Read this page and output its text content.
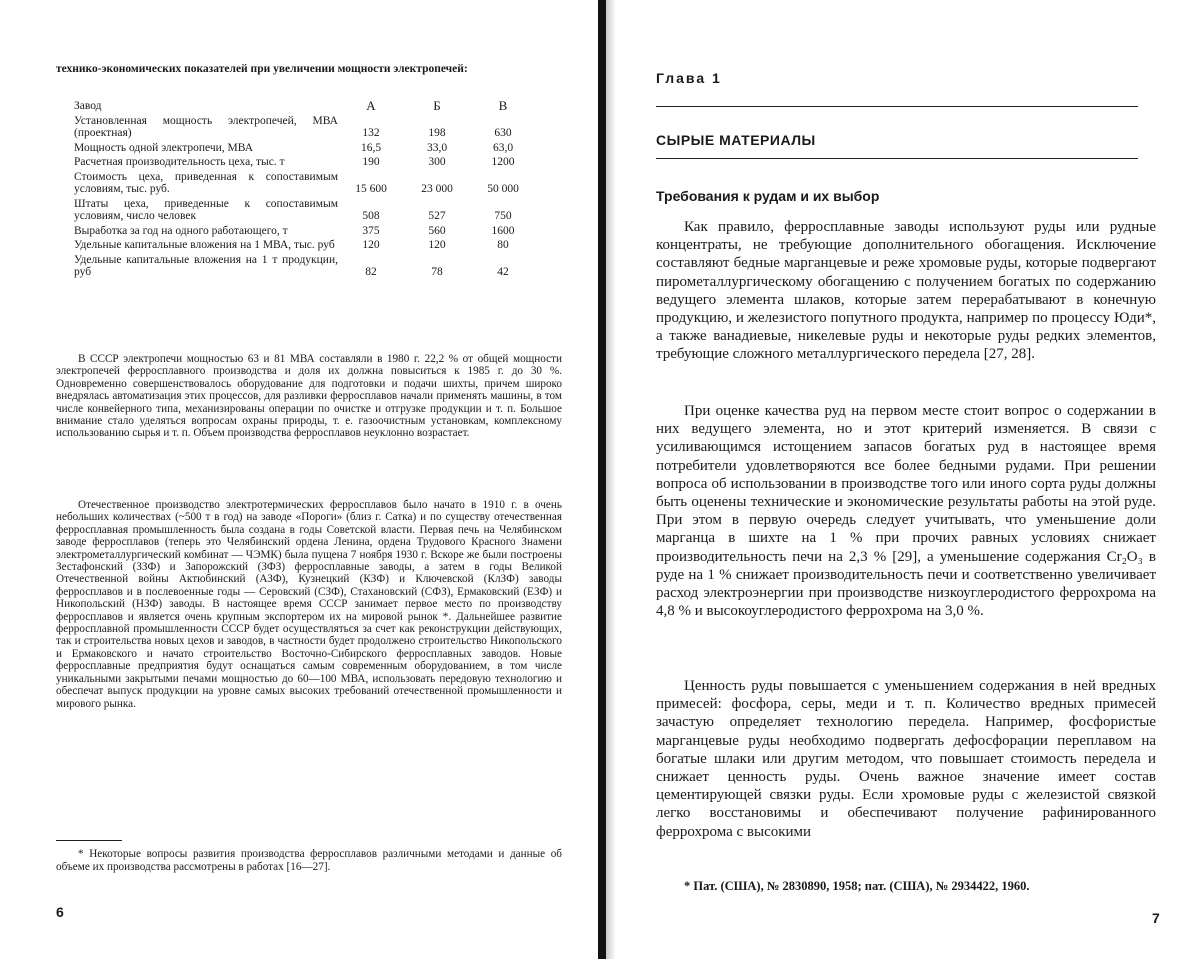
технико-экономических показателей при увеличении мощности электропечей:
Завод	А	Б	В
Установленная мощность электропечей, МВА (проектная)	132	198	630
Мощность одной электропечи, МВА	16,5	33,0	63,0
Расчетная производительность цеха, тыс. т	190	300	1200
Стоимость цеха, приведенная к сопоставимым условиям, тыс. руб.	15 600	23 000	50 000
Штаты цеха, приведенные к сопоставимым условиям, число человек	508	527	750
Выработка за год на одного работающего, т	375	560	1600
Удельные капитальные вложения на 1 МВА, тыс. руб	120	120	80
Удельные капитальные вложения на 1 т продукции, руб	82	78	42

В СССР электропечи мощностью 63 и 81 МВА составляли в 1980 г. 22,2 % от общей мощности электропечей ферросплавного производства и доля их должна повыситься к 1985 г. до 30 %. Одновременно совершенствовалось оборудование для подготовки и подачи шихты, причем широко внедрялась автоматизация этих процессов, для разливки ферросплавов начали применять машины, в том числе конвейерного типа, механизированы операции по очистке и отгрузке продукции и т. п. Большое внимание стало уделяться вопросам охраны природы, т. е. газоочистным установкам, комплексному использованию сырья и т. п. Объем производства ферросплавов неуклонно возрастает.

Отечественное производство электротермических ферросплавов было начато в 1910 г. в очень небольших количествах (~500 т в год) на заводе «Пороги» (близ г. Сатка) и по существу отечественная ферросплавная промышленность была создана в годы Советской власти. Первая печь на Челябинском заводе ферросплавов (теперь это Челябинский ордена Ленина, ордена Трудового Красного Знамени электрометаллургический комбинат — ЧЭМК) была пущена 7 ноября 1930 г. Вскоре же были построены Зестафонский (ЗЗФ) и Запорожский (ЗФЗ) ферросплавные заводы, а затем в годы Великой Отечественной войны Актюбинский (АЗФ), Кузнецкий (КЗФ) и Ключевской (КлЗФ) заводы ферросплавов и в послевоенные годы — Серовский (СЗФ), Стахановский (СФЗ), Ермаковский (ЕЗФ) и Никопольский (НЗФ) заводы. В настоящее время СССР занимает первое место по производству ферросплавов и является очень крупным экспортером их на мировой рынок *. Дальнейшее развитие ферросплавной промышленности СССР будет осуществляться за счет как реконструкции действующих, так и строительства новых цехов и заводов, в частности будет продолжено строительство Никопольского и Ермаковского и начато строительство Восточно-Сибирского ферросплавных заводов. Новые ферросплавные предприятия будут оснащаться самым современным оборудованием, в том числе уникальными закрытыми печами мощностью до 60—100 МВА, использовать передовую технологию и обеспечат выпуск продукции на уровне самых высоких требований отечественной промышленности и мирового рынка.

* Некоторые вопросы развития производства ферросплавов различными методами и данные об объеме их производства рассмотрены в работах [16—27].

6
Глава 1
СЫРЫЕ МАТЕРИАЛЫ
Требования к рудам и их выбор

Как правило, ферросплавные заводы используют руды или рудные концентраты, не требующие дополнительного обогащения. Исключение составляют бедные марганцевые и реже хромовые руды, которые подвергают пирометаллургическому обогащению с получением богатых по содержанию ведущего элемента шлаков, которые затем перерабатывают в конечную продукцию, и железистого попутного продукта, например по процессу Юди*, а также ванадиевые, никелевые руды и некоторые руды редких элементов, требующие сложного металлургического передела [27, 28].

При оценке качества руд на первом месте стоит вопрос о содержании в них ведущего элемента, но и этот критерий изменяется. В связи с усиливающимся истощением запасов богатых руд в настоящее время потребители удовлетворяются все более бедными рудами. При решении вопроса об использовании в производстве того или иного сорта руды должны быть оценены технические и экономические результаты работы на этой руде. При этом в первую очередь следует учитывать, что уменьшение доли марганца в шихте на 1 % при прочих равных условиях снижает производительность печи на 2,3 % [29], а уменьшение содержания Cr₂O₃ в руде на 1 % снижает производительность печи и соответственно увеличивает расход электроэнергии при производстве низкоуглеродистого феррохрома на 4,8 % и высокоуглеродистого феррохрома на 3,0 %.

Ценность руды повышается с уменьшением содержания в ней вредных примесей: фосфора, серы, меди и т. п. Количество вредных примесей зачастую определяет технологию передела. Например, фосфористые марганцевые руды необходимо подвергать дефосфорации переплавом на богатые шлаки или другим методом, что повышает стоимость передела и снижает ценность руды. Очень важное значение имеет состав цементирующей связки руды. Если хромовые руды с железистой связкой легко восстановимы и обеспечивают получение рафинированного феррохрома с высокими

* Пат. (США), № 2830890, 1958; пат. (США), № 2934422, 1960.
7
